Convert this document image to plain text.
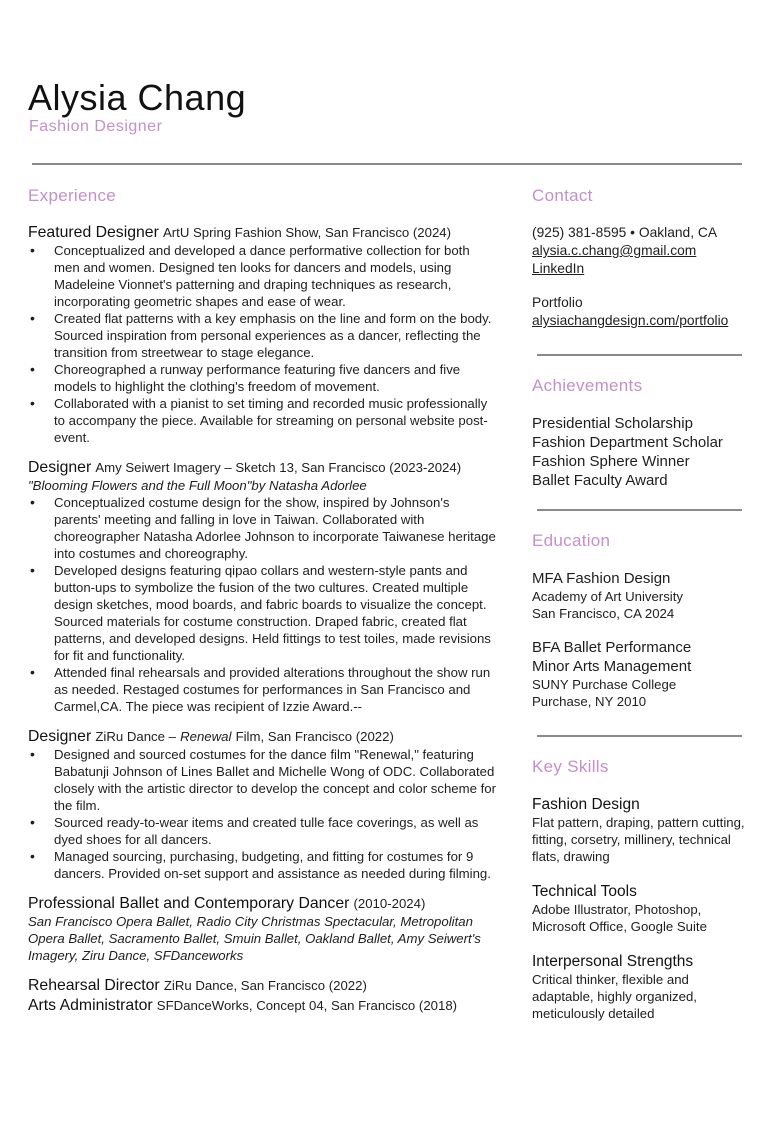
Alysia Chang
Fashion Designer
Experience
Featured Designer ArtU Spring Fashion Show, San Francisco (2024)
• Conceptualized and developed a dance performative collection for both men and women. Designed ten looks for dancers and models, using Madeleine Vionnet's patterning and draping techniques as research, incorporating geometric shapes and ease of wear.
• Created flat patterns with a key emphasis on the line and form on the body. Sourced inspiration from personal experiences as a dancer, reflecting the transition from streetwear to stage elegance.
• Choreographed a runway performance featuring five dancers and five models to highlight the clothing's freedom of movement.
• Collaborated with a pianist to set timing and recorded music professionally to accompany the piece. Available for streaming on personal website post-event.
Designer Amy Seiwert Imagery – Sketch 13, San Francisco (2023-2024)
"Blooming Flowers and the Full Moon"by Natasha Adorlee
• Conceptualized costume design for the show, inspired by Johnson's parents' meeting and falling in love in Taiwan. Collaborated with choreographer Natasha Adorlee Johnson to incorporate Taiwanese heritage into costumes and choreography.
• Developed designs featuring qipao collars and western-style pants and button-ups to symbolize the fusion of the two cultures. Created multiple design sketches, mood boards, and fabric boards to visualize the concept. Sourced materials for costume construction. Draped fabric, created flat patterns, and developed designs. Held fittings to test toiles, made revisions for fit and functionality.
• Attended final rehearsals and provided alterations throughout the show run as needed. Restaged costumes for performances in San Francisco and Carmel,CA. The piece was recipient of Izzie Award.--
Designer ZiRu Dance – Renewal Film, San Francisco (2022)
• Designed and sourced costumes for the dance film "Renewal," featuring Babatunji Johnson of Lines Ballet and Michelle Wong of ODC. Collaborated closely with the artistic director to develop the concept and color scheme for the film.
• Sourced ready-to-wear items and created tulle face coverings, as well as dyed shoes for all dancers.
• Managed sourcing, purchasing, budgeting, and fitting for costumes for 9 dancers. Provided on-set support and assistance as needed during filming.
Professional Ballet and Contemporary Dancer (2010-2024)
San Francisco Opera Ballet, Radio City Christmas Spectacular, Metropolitan Opera Ballet, Sacramento Ballet, Smuin Ballet, Oakland Ballet, Amy Seiwert's Imagery, Ziru Dance, SFDanceworks
Rehearsal Director ZiRu Dance, San Francisco (2022)
Arts Administrator SFDanceWorks, Concept 04, San Francisco (2018)
Contact
(925) 381-8595 • Oakland, CA
alysia.c.chang@gmail.com
LinkedIn
Portfolio
alysiachangdesign.com/portfolio
Achievements
Presidential Scholarship
Fashion Department Scholar
Fashion Sphere Winner
Ballet Faculty Award
Education
MFA Fashion Design
Academy of Art University
San Francisco, CA 2024
BFA Ballet Performance
Minor Arts Management
SUNY Purchase College
Purchase, NY 2010
Key Skills
Fashion Design
Flat pattern, draping, pattern cutting, fitting, corsetry, millinery, technical flats, drawing
Technical Tools
Adobe Illustrator, Photoshop, Microsoft Office, Google Suite
Interpersonal Strengths
Critical thinker, flexible and adaptable, highly organized, meticulously detailed
